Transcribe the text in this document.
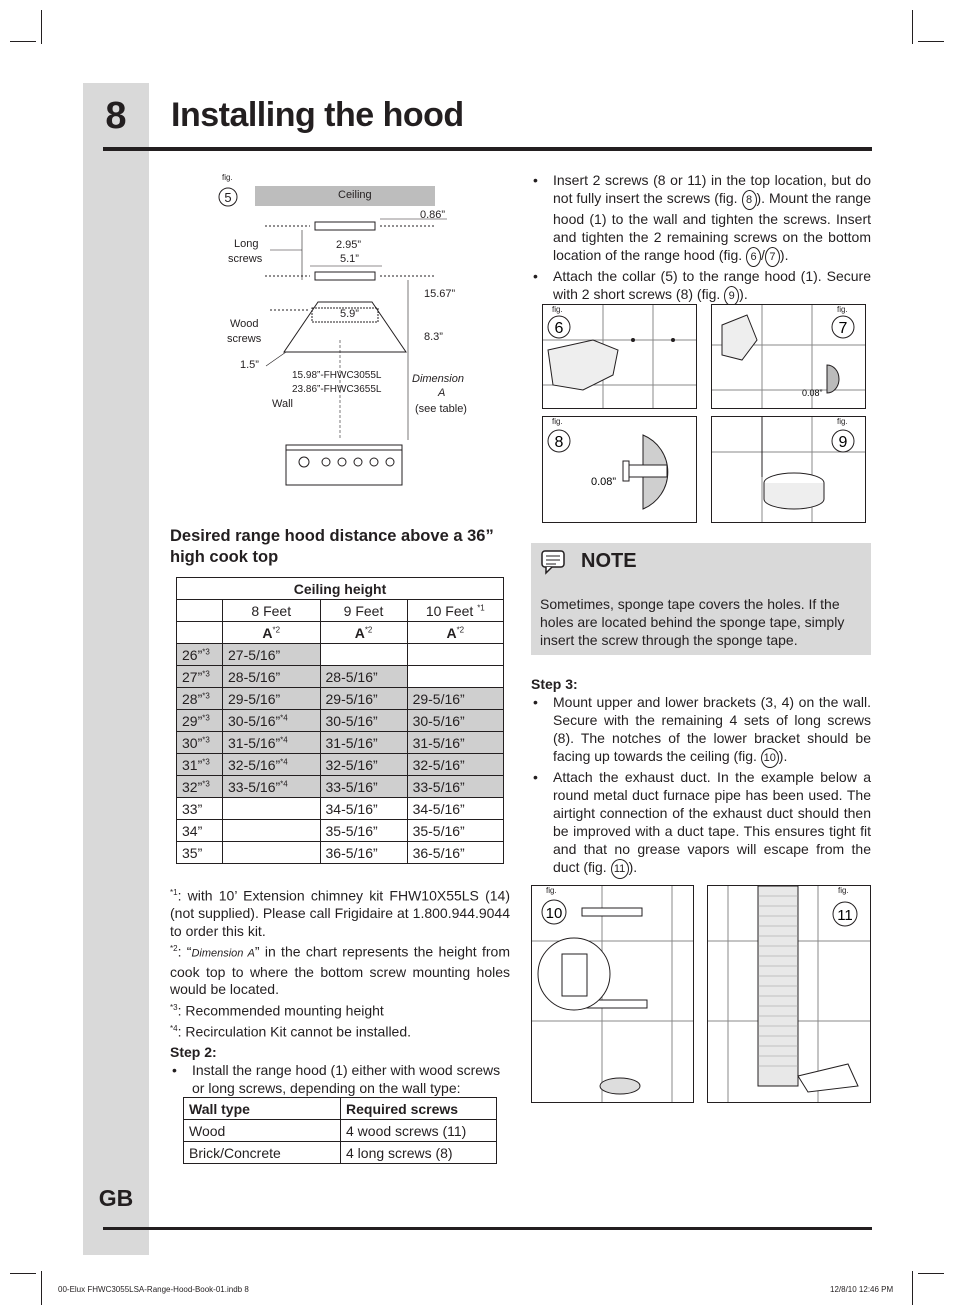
8	Installing the hood
GB
fig.
5	Ceiling
0.86”
Long
screws
2.95”
5.1”
15.67”
5.9”
Wood
screws	8.3”
1.5”
15.98”-FHWC3055L
23.86”-FHWC3655L
Dimension
A
(see table)
Wall
Desired range hood distance above a 36” high cook top
Ceiling height			
	8 Feet	9 Feet	10 Feet $^{*1}$
	$A^{*2}$	$A^{*2}$	$A^{*2}$
26”$^{*3}$	27-5/16”		
27”$^{*3}$	28-5/16”	28-5/16”	
28”$^{*3}$	29-5/16”	29-5/16”	29-5/16”
29”$^{*3}$	30-5/16”$^{*4}$	30-5/16”	30-5/16”
30”$^{*3}$	31-5/16”$^{*4}$	31-5/16”	31-5/16”
31”$^{*3}$	32-5/16”$^{*4}$	32-5/16”	32-5/16”
32”$^{*3}$	33-5/16”$^{*4}$	33-5/16”	33-5/16”
33”		34-5/16”	34-5/16”
34”		35-5/16”	35-5/16”
35”		36-5/16”	36-5/16”

$^{*1}$: with 10’ Extension chimney kit FHW10X55LS (14) (not supplied). Please call Frigidaire at 1.800.944.9044 to order this kit.

$^{*2}$: “Dimension A” in the chart represents the height from cook top to where the bottom screw mounting holes would be located.

$^{*3}$: Recommended mounting height

$^{*4}$: Recirculation Kit cannot be installed.

Step 2:
• Install the range hood (1) either with wood screws or long screws, depending on the wall type:
Wall type	Required screws
Wood	4 wood screws (11)
Brick/Concrete	4 long screws (8)
• Insert 2 screws (8 or 11) in the top location, but do not fully insert the screws (fig. 8 ). Mount the range hood (1) to the wall and tighten the screws. Insert and tighten the 2 remaining screws on the bottom location of the range hood (fig. 6 / 7 ).
• Attach the collar (5) to the range hood (1). Secure with 2 short screws (8) (fig. 9 ).
fig.
6
fig.
7
0.08”
fig.
8
0.08”
fig.
9
NOTE
Sometimes, sponge tape covers the holes. If the holes are located behind the sponge tape, simply insert the screw through the sponge tape.
Step 3:
• Mount upper and lower brackets (3, 4) on the wall. Secure with the remaining 4 sets of long screws (8). The notches of the lower bracket should be facing up towards the ceiling (fig. 10 ).
• Attach the exhaust duct. In the example below a round metal duct furnace pipe has been used. The airtight connection of the exhaust duct should then be improved with a duct tape. This ensures tight fit and that no grease vapors will escape from the duct (fig. 11 ).
fig.
10
fig.
11
00-Elux FHWC3055LSA-Range-Hood-Book-01.indb 8	12/8/10 12:46 PM
